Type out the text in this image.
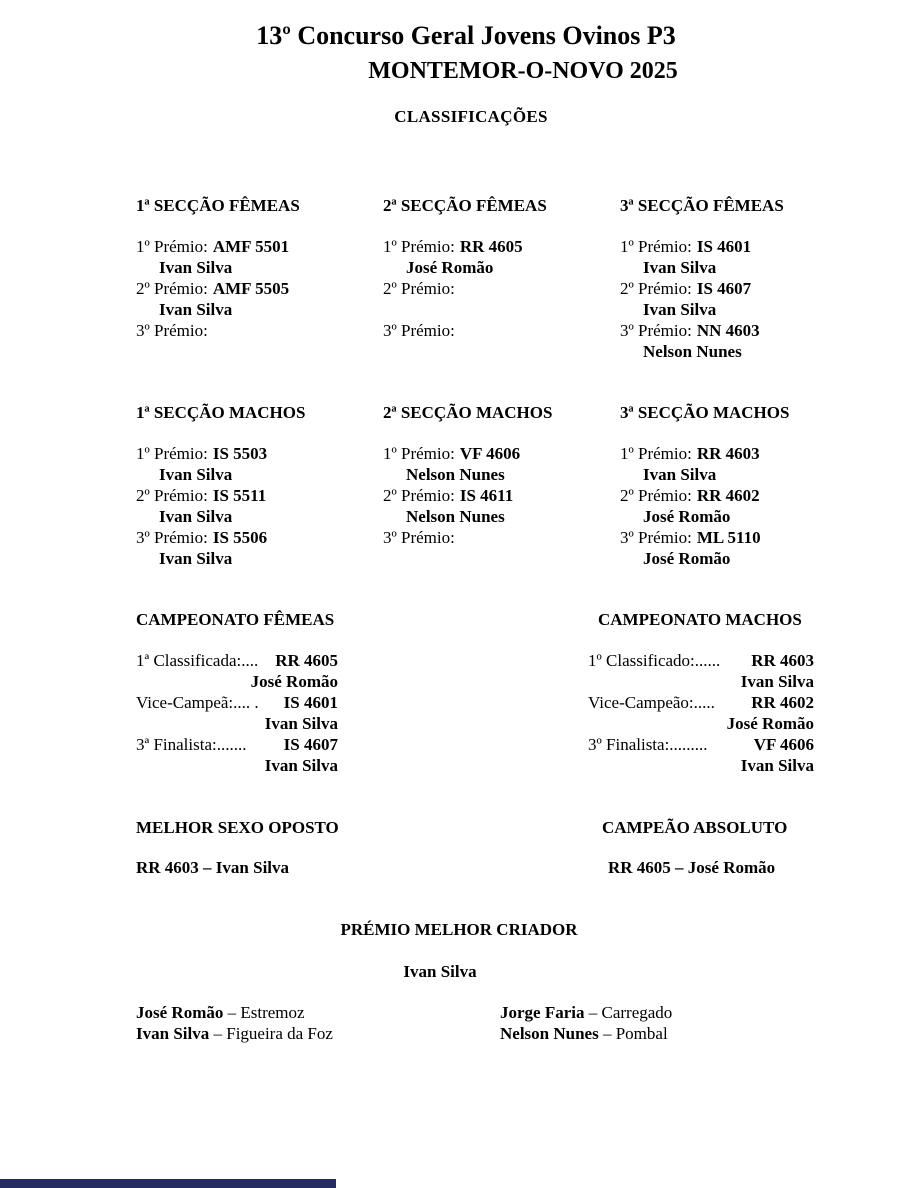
13º Concurso Geral Jovens Ovinos P3
MONTEMOR-O-NOVO 2025
CLASSIFICAÇÕES
1ª SECÇÃO FÊMEAS
1º Prémio: AMF 5501
Ivan Silva
2º Prémio: AMF 5505
Ivan Silva
3º Prémio:
2ª SECÇÃO FÊMEAS
1º Prémio: RR 4605
José Romão
2º Prémio:
3º Prémio:
3ª SECÇÃO FÊMEAS
1º Prémio: IS 4601
Ivan Silva
2º Prémio: IS 4607
Ivan Silva
3º Prémio: NN 4603
Nelson Nunes
1ª SECÇÃO MACHOS
1º Prémio: IS 5503
Ivan Silva
2º Prémio: IS 5511
Ivan Silva
3º Prémio: IS 5506
Ivan Silva
2ª SECÇÃO MACHOS
1º Prémio: VF 4606
Nelson Nunes
2º Prémio: IS 4611
Nelson Nunes
3º Prémio:
3ª SECÇÃO MACHOS
1º Prémio: RR 4603
Ivan Silva
2º Prémio: RR 4602
José Romão
3º Prémio: ML 5110
José Romão
CAMPEONATO FÊMEAS
1ª Classificada:.... RR 4605
José Romão
Vice-Campeã:.... . IS 4601
Ivan Silva
3ª Finalista:....... IS 4607
Ivan Silva
CAMPEONATO MACHOS
1º Classificado:...... RR 4603
Ivan Silva
Vice-Campeão:..... RR 4602
José Romão
3º Finalista:.........	VF 4606
Ivan Silva
MELHOR SEXO OPOSTO
RR 4603 – Ivan Silva
CAMPEÃO ABSOLUTO
RR 4605 – José Romão
PRÉMIO MELHOR CRIADOR
Ivan Silva
José Romão – Estremoz
Ivan Silva – Figueira da Foz
Jorge Faria – Carregado
Nelson Nunes – Pombal
